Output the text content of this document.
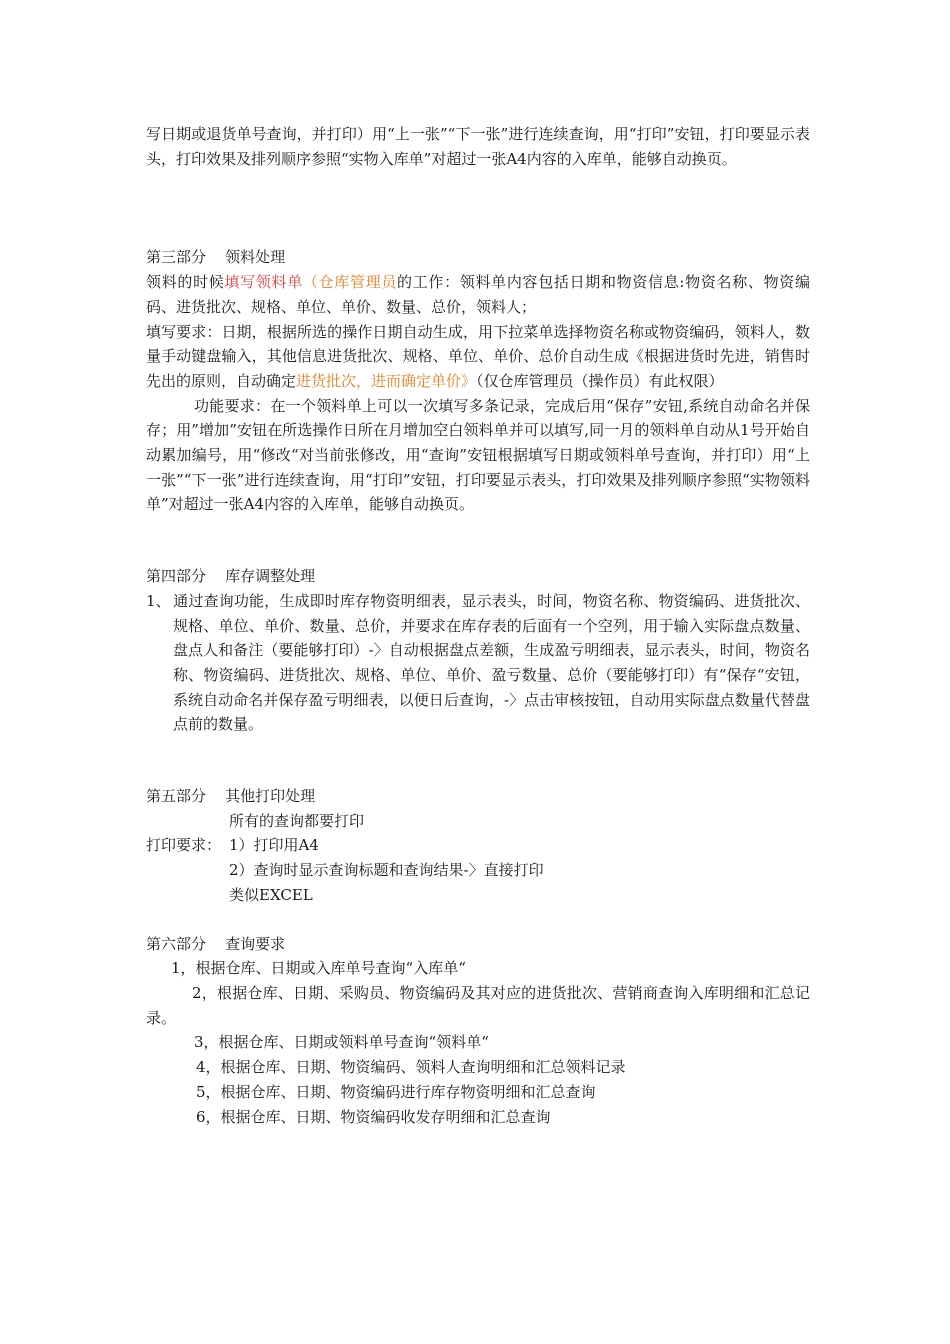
写日期或退货单号查询，并打印）用“上一张”“下一张”进行连续查询，用“打印”安钮，打印要显示表头，打印效果及排列顺序参照“实物入库单”对超过一张A4内容的入库单，能够自动换页。

第三部分    领料处理

领料的时候填写领料单（仓库管理员的工作：领料单内容包括日期和物资信息:物资名称、物资编码、进货批次、规格、单位、单价、数量、总价，领料人；

填写要求：日期，根据所选的操作日期自动生成，用下拉菜单选择物资名称或物资编码，领料人，数量手动键盘输入，其他信息进货批次、规格、单位、单价、总价自动生成《根据进货时先进，销售时先出的原则，自动确定进货批次，进而确定单价》（仅仓库管理员（操作员）有此权限）

功能要求：在一个领料单上可以一次填写多条记录，完成后用“保存”安钮,系统自动命名并保存；用”增加”安钮在所选操作日所在月增加空白领料单并可以填写,同一月的领料单自动从1号开始自动累加编号，用“修改“对当前张修改，用“查询”安钮根据填写日期或领料单号查询，并打印）用“上一张”“下一张”进行连续查询，用“打印”安钮，打印要显示表头，打印效果及排列顺序参照“实物领料单”对超过一张A4内容的入库单，能够自动换页。

第四部分    库存调整处理

1、 通过查询功能，生成即时库存物资明细表，显示表头，时间，物资名称、物资编码、进货批次、规格、单位、单价、数量、总价，并要求在库存表的后面有一个空列，用于输入实际盘点数量、盘点人和备注（要能够打印）-〉自动根据盘点差额，生成盈亏明细表，显示表头，时间，物资名称、物资编码、进货批次、规格、单位、单价、盈亏数量、总价（要能够打印）有“保存“安钮，系统自动命名并保存盈亏明细表，以便日后查询，-〉点击审核按钮，自动用实际盘点数量代替盘点前的数量。

第五部分    其他打印处理

所有的查询都要打印

打印要求： 1）打印用A4

2）查询时显示查询标题和查询结果-〉直接打印

类似EXCEL

第六部分    查询要求

1，根据仓库、日期或入库单号查询“入库单“

2，根据仓库、日期、采购员、物资编码及其对应的进货批次、营销商查询入库明细和汇总记录。

3，根据仓库、日期或领料单号查询“领料单“

4，根据仓库、日期、物资编码、领料人查询明细和汇总领料记录

5，根据仓库、日期、物资编码进行库存物资明细和汇总查询

6，根据仓库、日期、物资编码收发存明细和汇总查询
